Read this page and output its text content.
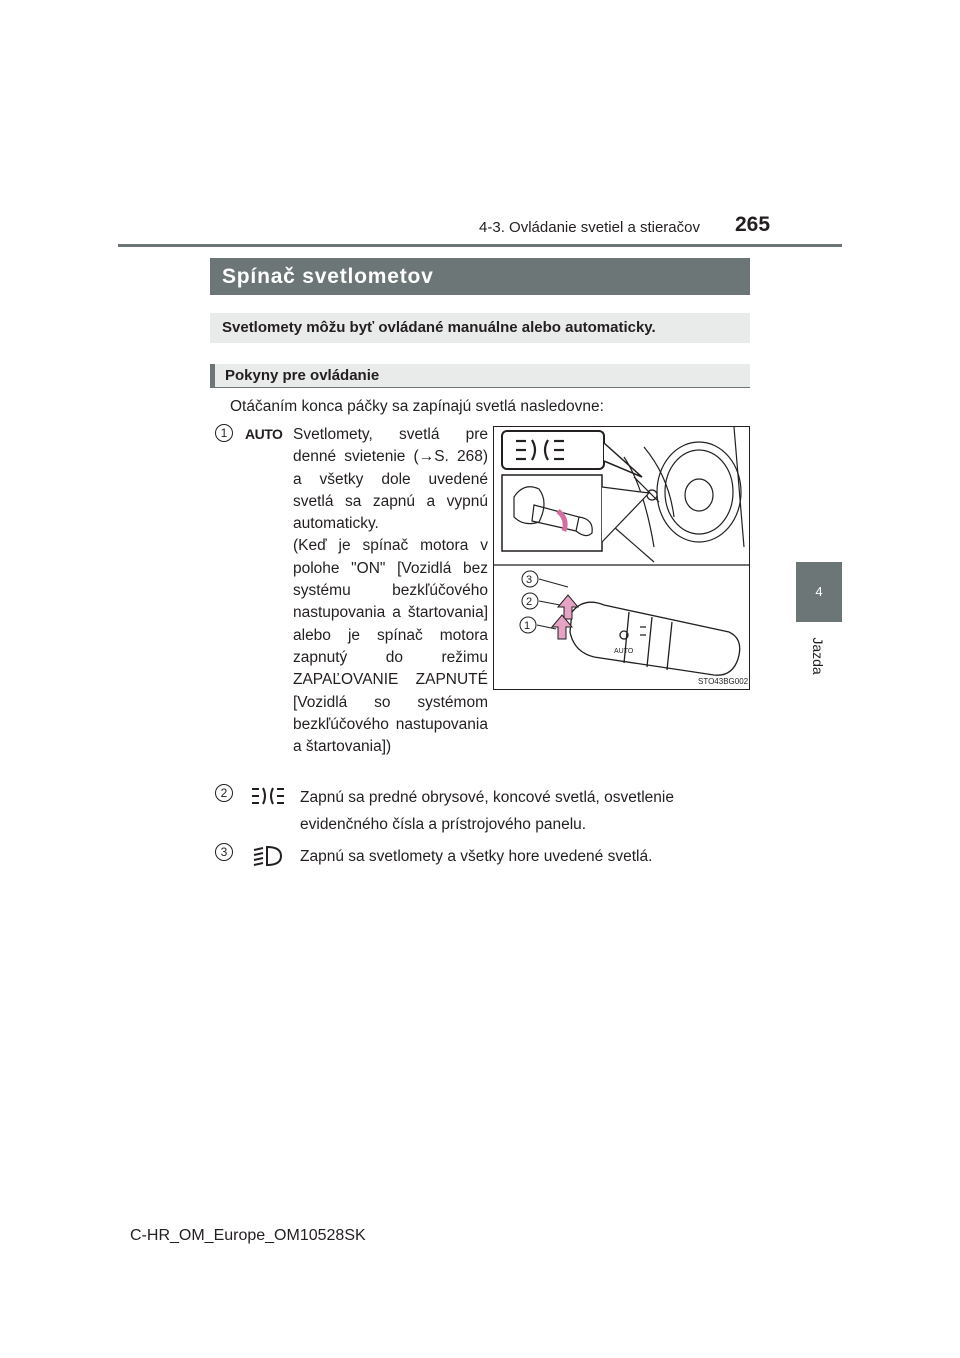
4-3. Ovládanie svetiel a stieračov 265
4
Jazda
Spínač svetlometov
Svetlomety môžu byť ovládané manuálne alebo automaticky.
Pokyny pre ovládanie
Otáčaním konca páčky sa zapínajú svetlá nasledovne:
1	AUTO Svetlomety, svetlá pre denné svietenie (→S. 268) a všetky dole uvedené svetlá sa zapnú a vypnú automaticky.

(Keď je spínač motora v polohe "ON" [Vozidlá bez systému bezkľúčového nastupovania a štartovania] alebo je spínač motora zapnutý do režimu ZAPAĽOVANIE ZAPNUTÉ [Vozidlá so systémom bezkľúčového nastupovania a štartovania])

AUTO
3
2
1
STO43BG002
2	Zapnú sa predné obrysové, koncové svetlá, osvetlenie evidenčného čísla a prístrojového panelu.
3	Zapnú sa svetlomety a všetky hore uvedené svetlá.
C-HR_OM_Europe_OM10528SK
